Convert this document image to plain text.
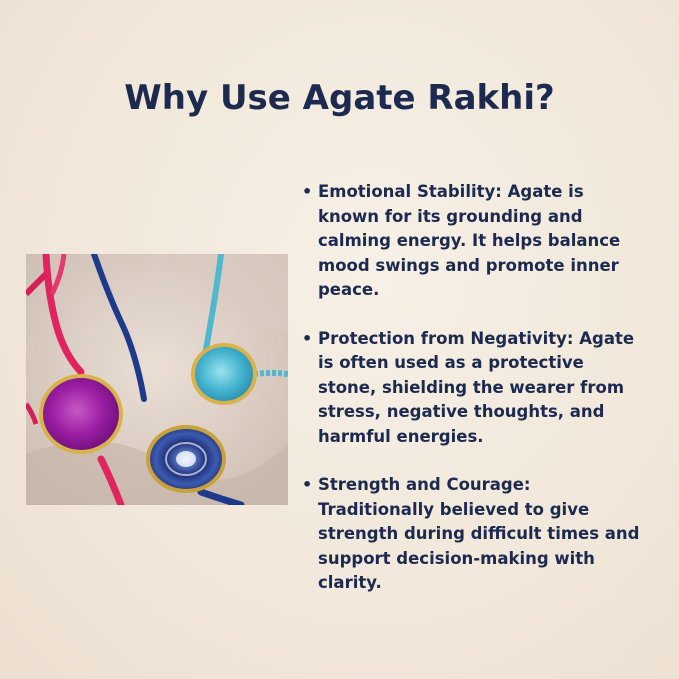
Why Use Agate Rakhi?
• Emotional Stability: Agate is known for its grounding and calming energy. It helps balance mood swings and promote inner peace.
• Protection from Negativity: Agate is often used as a protective stone, shielding the wearer from stress, negative thoughts, and harmful energies.
• Strength and Courage: Traditionally believed to give strength during difficult times and support decision-making with clarity.
